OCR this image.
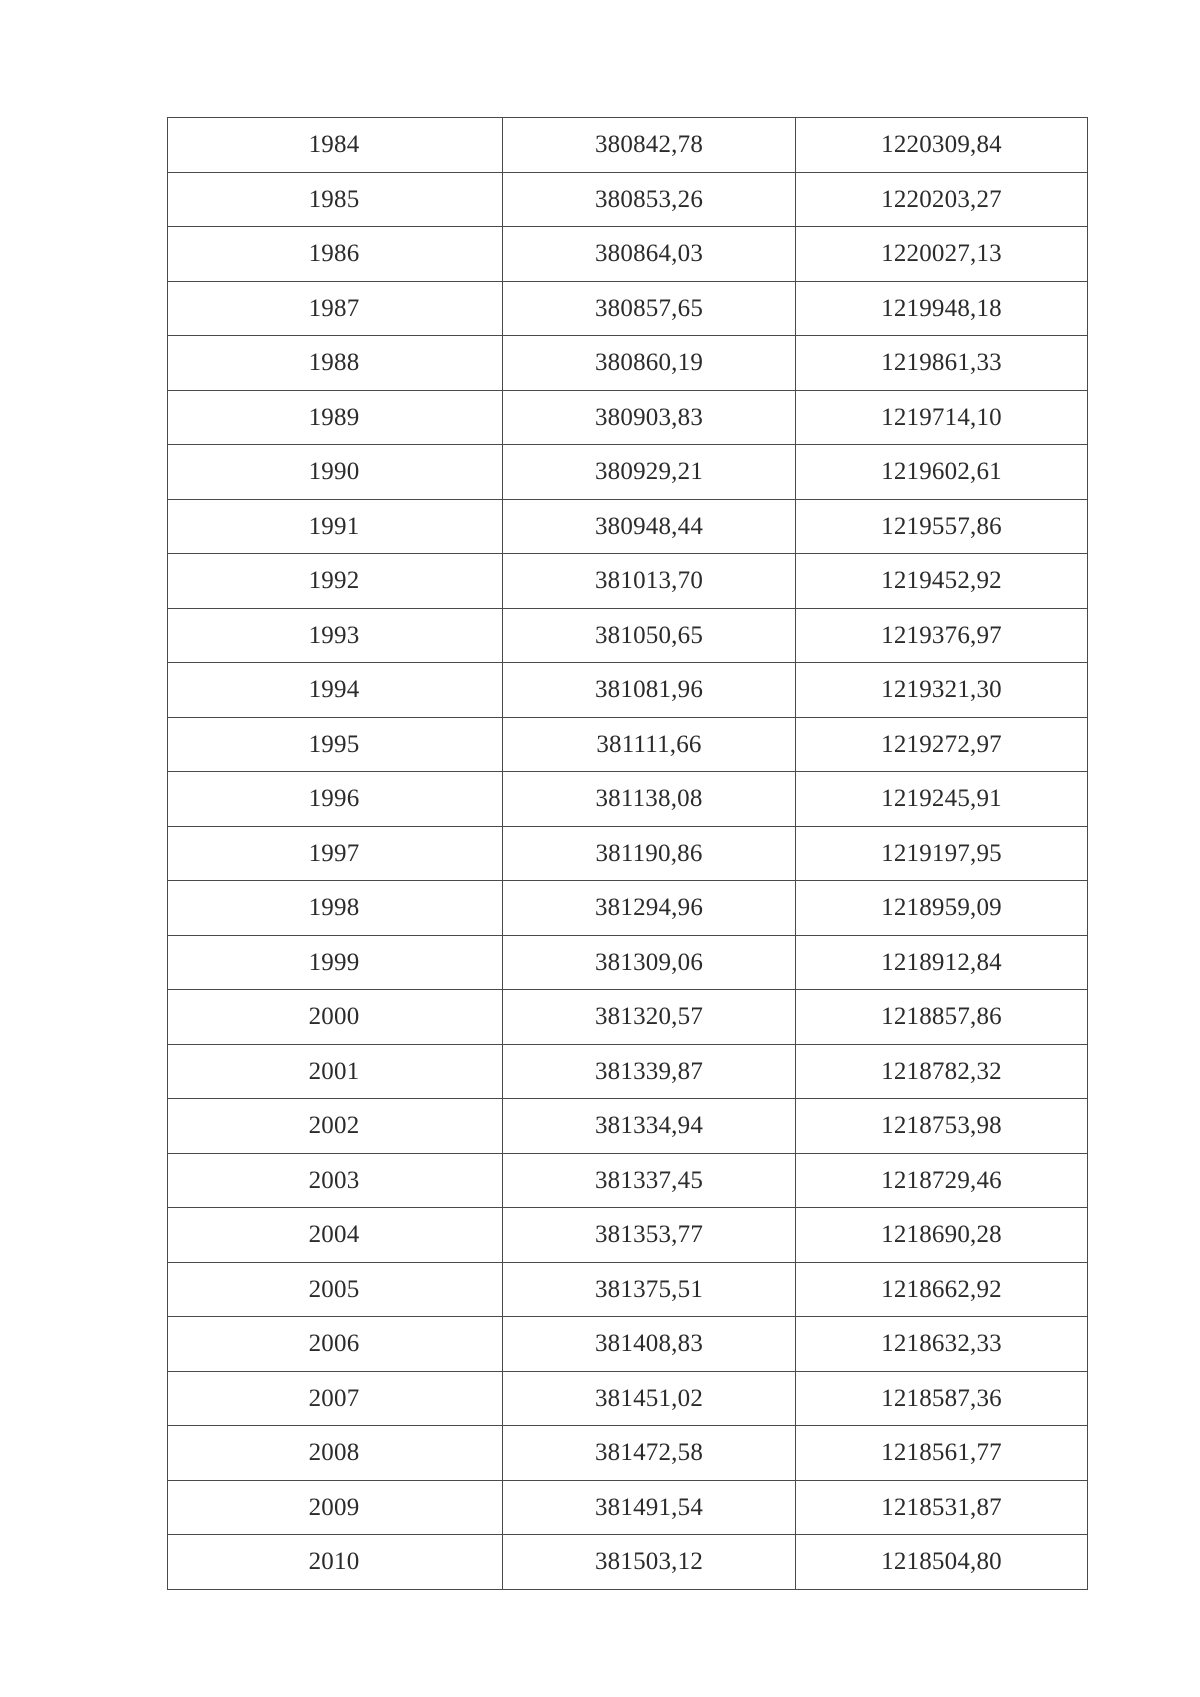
1984	380842,78	1220309,84
1985	380853,26	1220203,27
1986	380864,03	1220027,13
1987	380857,65	1219948,18
1988	380860,19	1219861,33
1989	380903,83	1219714,10
1990	380929,21	1219602,61
1991	380948,44	1219557,86
1992	381013,70	1219452,92
1993	381050,65	1219376,97
1994	381081,96	1219321,30
1995	381111,66	1219272,97
1996	381138,08	1219245,91
1997	381190,86	1219197,95
1998	381294,96	1218959,09
1999	381309,06	1218912,84
2000	381320,57	1218857,86
2001	381339,87	1218782,32
2002	381334,94	1218753,98
2003	381337,45	1218729,46
2004	381353,77	1218690,28
2005	381375,51	1218662,92
2006	381408,83	1218632,33
2007	381451,02	1218587,36
2008	381472,58	1218561,77
2009	381491,54	1218531,87
2010	381503,12	1218504,80
